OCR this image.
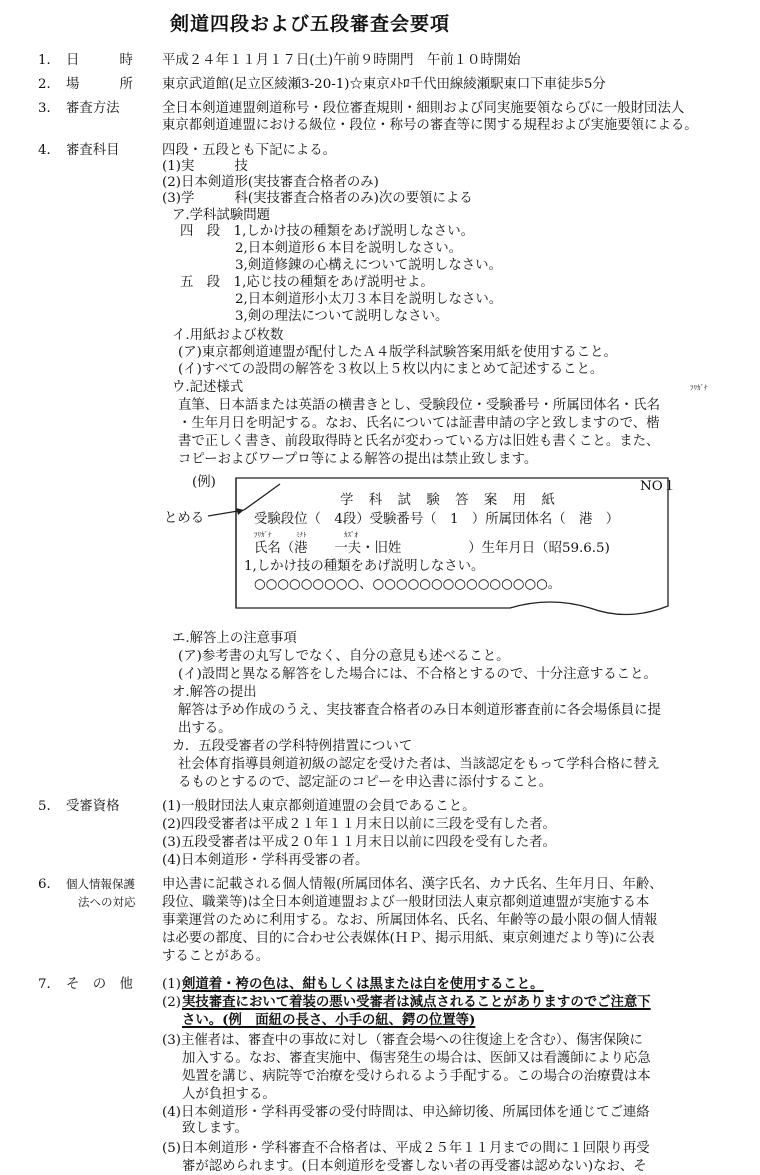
剣道四段および五段審査会要項
1． 日　　　時 平成２４年１１月１７日(土)午前９時開門　午前１０時開始
2． 場　　　所 東京武道館(足立区綾瀬3-20-1)☆東京ﾒﾄﾛ千代田線綾瀬駅東口下車徒歩5分
3． 審査方法	全日本剣道連盟剣道称号・段位審査規則・細則および同実施要領ならびに一般財団法人
東京都剣道連盟における級位・段位・称号の審査等に関する規程および実施要領による。
4． 審査科目	四段・五段とも下記による。
(1)実　　　技
(2)日本剣道形(実技審査合格者のみ)
(3)学　　　科(実技審査合格者のみ)次の要領による
ア.学科試験問題
四　段　1,しかけ技の種類をあげ説明しなさい。
2,日本剣道形６本目を説明しなさい。
3,剣道修錬の心構えについて説明しなさい。
五　段　1,応じ技の種類をあげ説明せよ。
2,日本剣道形小太刀３本目を説明しなさい。
3,剣の理法について説明しなさい。
イ.用紙および枚数
(ア)東京都剣道連盟が配付したＡ４版学科試験答案用紙を使用すること。
(イ)すべての設問の解答を３枚以上５枚以内にまとめて記述すること。
ウ.記述様式	ﾌﾘｶﾞﾅ
直筆、日本語または英語の横書きとし、受験段位・受験番号・所属団体名・氏名
・生年月日を明記する。なお、氏名については証書申請の字と致しますので、楷
書で正しく書き、前段取得時と氏名が変わっている方は旧姓も書くこと。また、
コピーおよびワープロ等による解答の提出は禁止致します。
(例)
とめる
NO１
学　科　試　験　答　案　用　紙
受験段位（　4段）受験番号（　1　）所属団体名（　港　）
ﾌﾘｶﾞﾅ	ﾐﾅﾄ	ｶｽﾞｵ
氏名（港　　一夫・旧姓　　　　　）生年月日（昭59.6.5)
1,しかけ技の種類をあげ説明しなさい。
○○○○○○○○○、○○○○○○○○○○○○○○○。
エ.解答上の注意事項
(ア)参考書の丸写しでなく、自分の意見も述べること。
(イ)設問と異なる解答をした場合には、不合格とするので、十分注意すること。
オ.解答の提出
解答は予め作成のうえ、実技審査合格者のみ日本剣道形審査前に各会場係員に提
出する。
カ．五段受審者の学科特例措置について
社会体育指導員剣道初級の認定を受けた者は、当該認定をもって学科合格に替え
るものとするので、認定証のコピーを申込書に添付すること。
5． 受審資格	(1)一般財団法人東京都剣道連盟の会員であること。
(2)四段受審者は平成２１年１１月末日以前に三段を受有した者。
(3)五段受審者は平成２０年１１月末日以前に四段を受有した者。
(4)日本剣道形・学科再受審の者。
6． 個人情報保護
法への対応
申込書に記載される個人情報(所属団体名、漢字氏名、カナ氏名、生年月日、年齢、
段位、職業等)は全日本剣道連盟および一般財団法人東京都剣道連盟が実施する本
事業運営のために利用する。なお、所属団体名、氏名、年齢等の最小限の個人情報
は必要の都度、目的に合わせ公表媒体(ＨＰ、掲示用紙、東京剣連だより等)に公表
することがある。
7． そ　の　他 (1) 剣道着・袴の色は、紺もしくは黒または白を使用すること。
(2) 実技審査において着装の悪い受審者は減点されることがありますのでご注意下
さい。(例　面紐の長さ、小手の紐、鍔の位置等)
(3)主催者は、審査中の事故に対し（審査会場への往復途上を含む）、傷害保険に
加入する。なお、審査実施中、傷害発生の場合は、医師又は看護師により応急
処置を講じ、病院等で治療を受けられるよう手配する。この場合の治療費は本
人が負担する。
(4)日本剣道形・学科再受審の受付時間は、申込締切後、所属団体を通じてご連絡
致します。
(5)日本剣道形・学科審査不合格者は、平成２５年１１月までの間に１回限り再受
審が認められます。(日本剣道形を受審しない者の再受審は認めない)なお、そ
